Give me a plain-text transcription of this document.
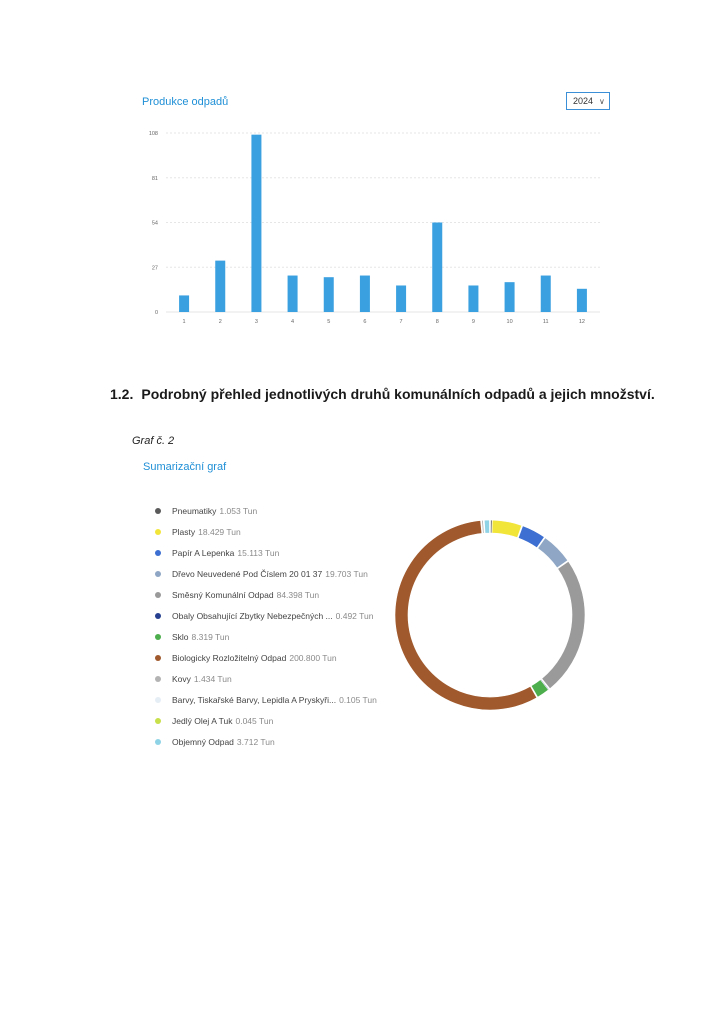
Produkce odpadů	2024 ∨
0
27
54
81
108
1	2	3	4	5	6	7	8	9	10	11	12
1.2. Podrobný přehled jednotlivých druhů komunálních odpadů a jejich množství.
Graf č. 2
Sumarizační graf
Pneumatiky 1.053 Tun
Plasty 18.429 Tun
Papír A Lepenka 15.113 Tun
Dřevo Neuvedené Pod Číslem 20 01 37 19.703 Tun
Směsný Komunální Odpad 84.398 Tun
Obaly Obsahující Zbytky Nebezpečných ... 0.492 Tun
Sklo 8.319 Tun
Biologicky Rozložitelný Odpad 200.800 Tun
Kovy 1.434 Tun
Barvy, Tiskařské Barvy, Lepidla A Pryskyři... 0.105 Tun
Jedlý Olej A Tuk 0.045 Tun
Objemný Odpad 3.712 Tun
